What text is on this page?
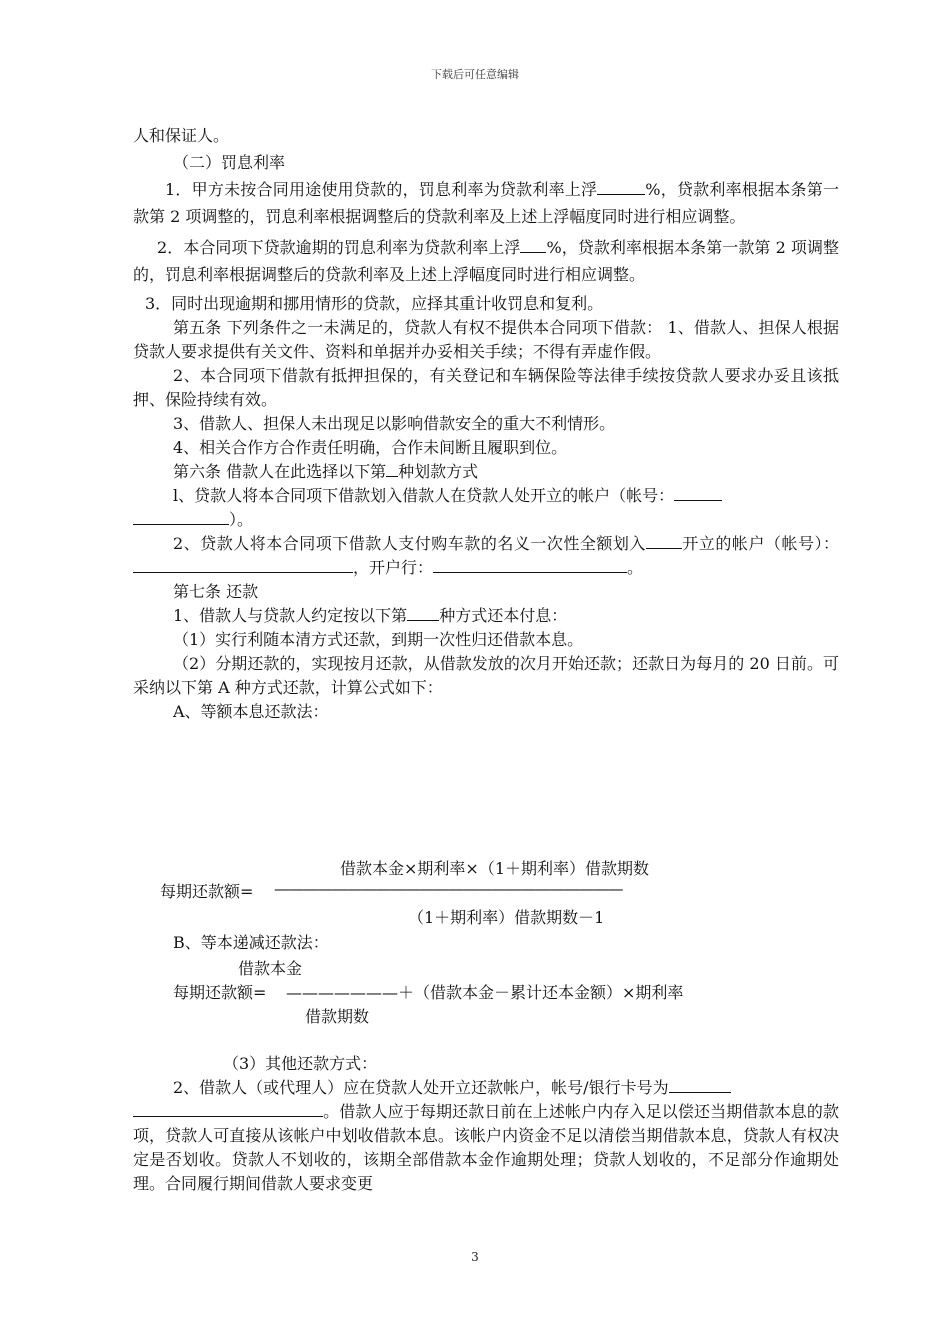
下载后可任意编辑

人和保证人。

（二）罚息利率

1．甲方未按合同用途使用贷款的，罚息利率为贷款利率上浮	%，贷款利率根据本条第一款第 2 项调整的，罚息利率根据调整后的贷款利率及上述上浮幅度同时进行相应调整。

2．本合同项下贷款逾期的罚息利率为贷款利率上浮 %，贷款利率根据本条第一款第 2 项调整的，罚息利率根据调整后的贷款利率及上述上浮幅度同时进行相应调整。

3．同时出现逾期和挪用情形的贷款，应择其重计收罚息和复利。

第五条 下列条件之一未满足的，贷款人有权不提供本合同项下借款： 1、借款人、担保人根据贷款人要求提供有关文件、资料和单据并办妥相关手续；不得有弄虚作假。

2、本合同项下借款有抵押担保的，有关登记和车辆保险等法律手续按贷款人要求办妥且该抵押、保险持续有效。

3、借款人、担保人未出现足以影响借款安全的重大不利情形。

4、相关合作方合作责任明确，合作未间断且履职到位。

第六条 借款人在此选择以下第 种划款方式

l、贷款人将本合同项下借款划入借款人在贷款人处开立的帐户（帐号：
）。

2、贷款人将本合同项下借款人支付购车款的名义一次性全额划入 开立的帐户（帐号）：，开户行：	。

第七条 还款

1、借款人与贷款人约定按以下第 种方式还本付息：

（1）实行利随本清方式还款，到期一次性归还借款本息。

（2）分期还款的，实现按月还款，从借款发放的次月开始还款；还款日为每月的 20 日前。可采纳以下第 A 种方式还款，计算公式如下：

A、等额本息还款法：

借款本金×期利率×（1＋期利率）借款期数
每期还款额= ————————————————————————
（1＋期利率）借款期数－1
B、等本递减还款法：
借款本金
每期还款额= ———————＋（借款本金－累计还本金额）×期利率
借款期数

（3）其他还款方式：

2、借款人（或代理人）应在贷款人处开立还款帐户，帐号/银行卡号为
。借款人应于每期还款日前在上述帐户内存入足以偿还当期借款本息的款项，贷款人可直接从该帐户中划收借款本息。该帐户内资金不足以清偿当期借款本息，贷款人有权决定是否划收。贷款人不划收的，该期全部借款本金作逾期处理；贷款人划收的，不足部分作逾期处理。合同履行期间借款人要求变更

3
